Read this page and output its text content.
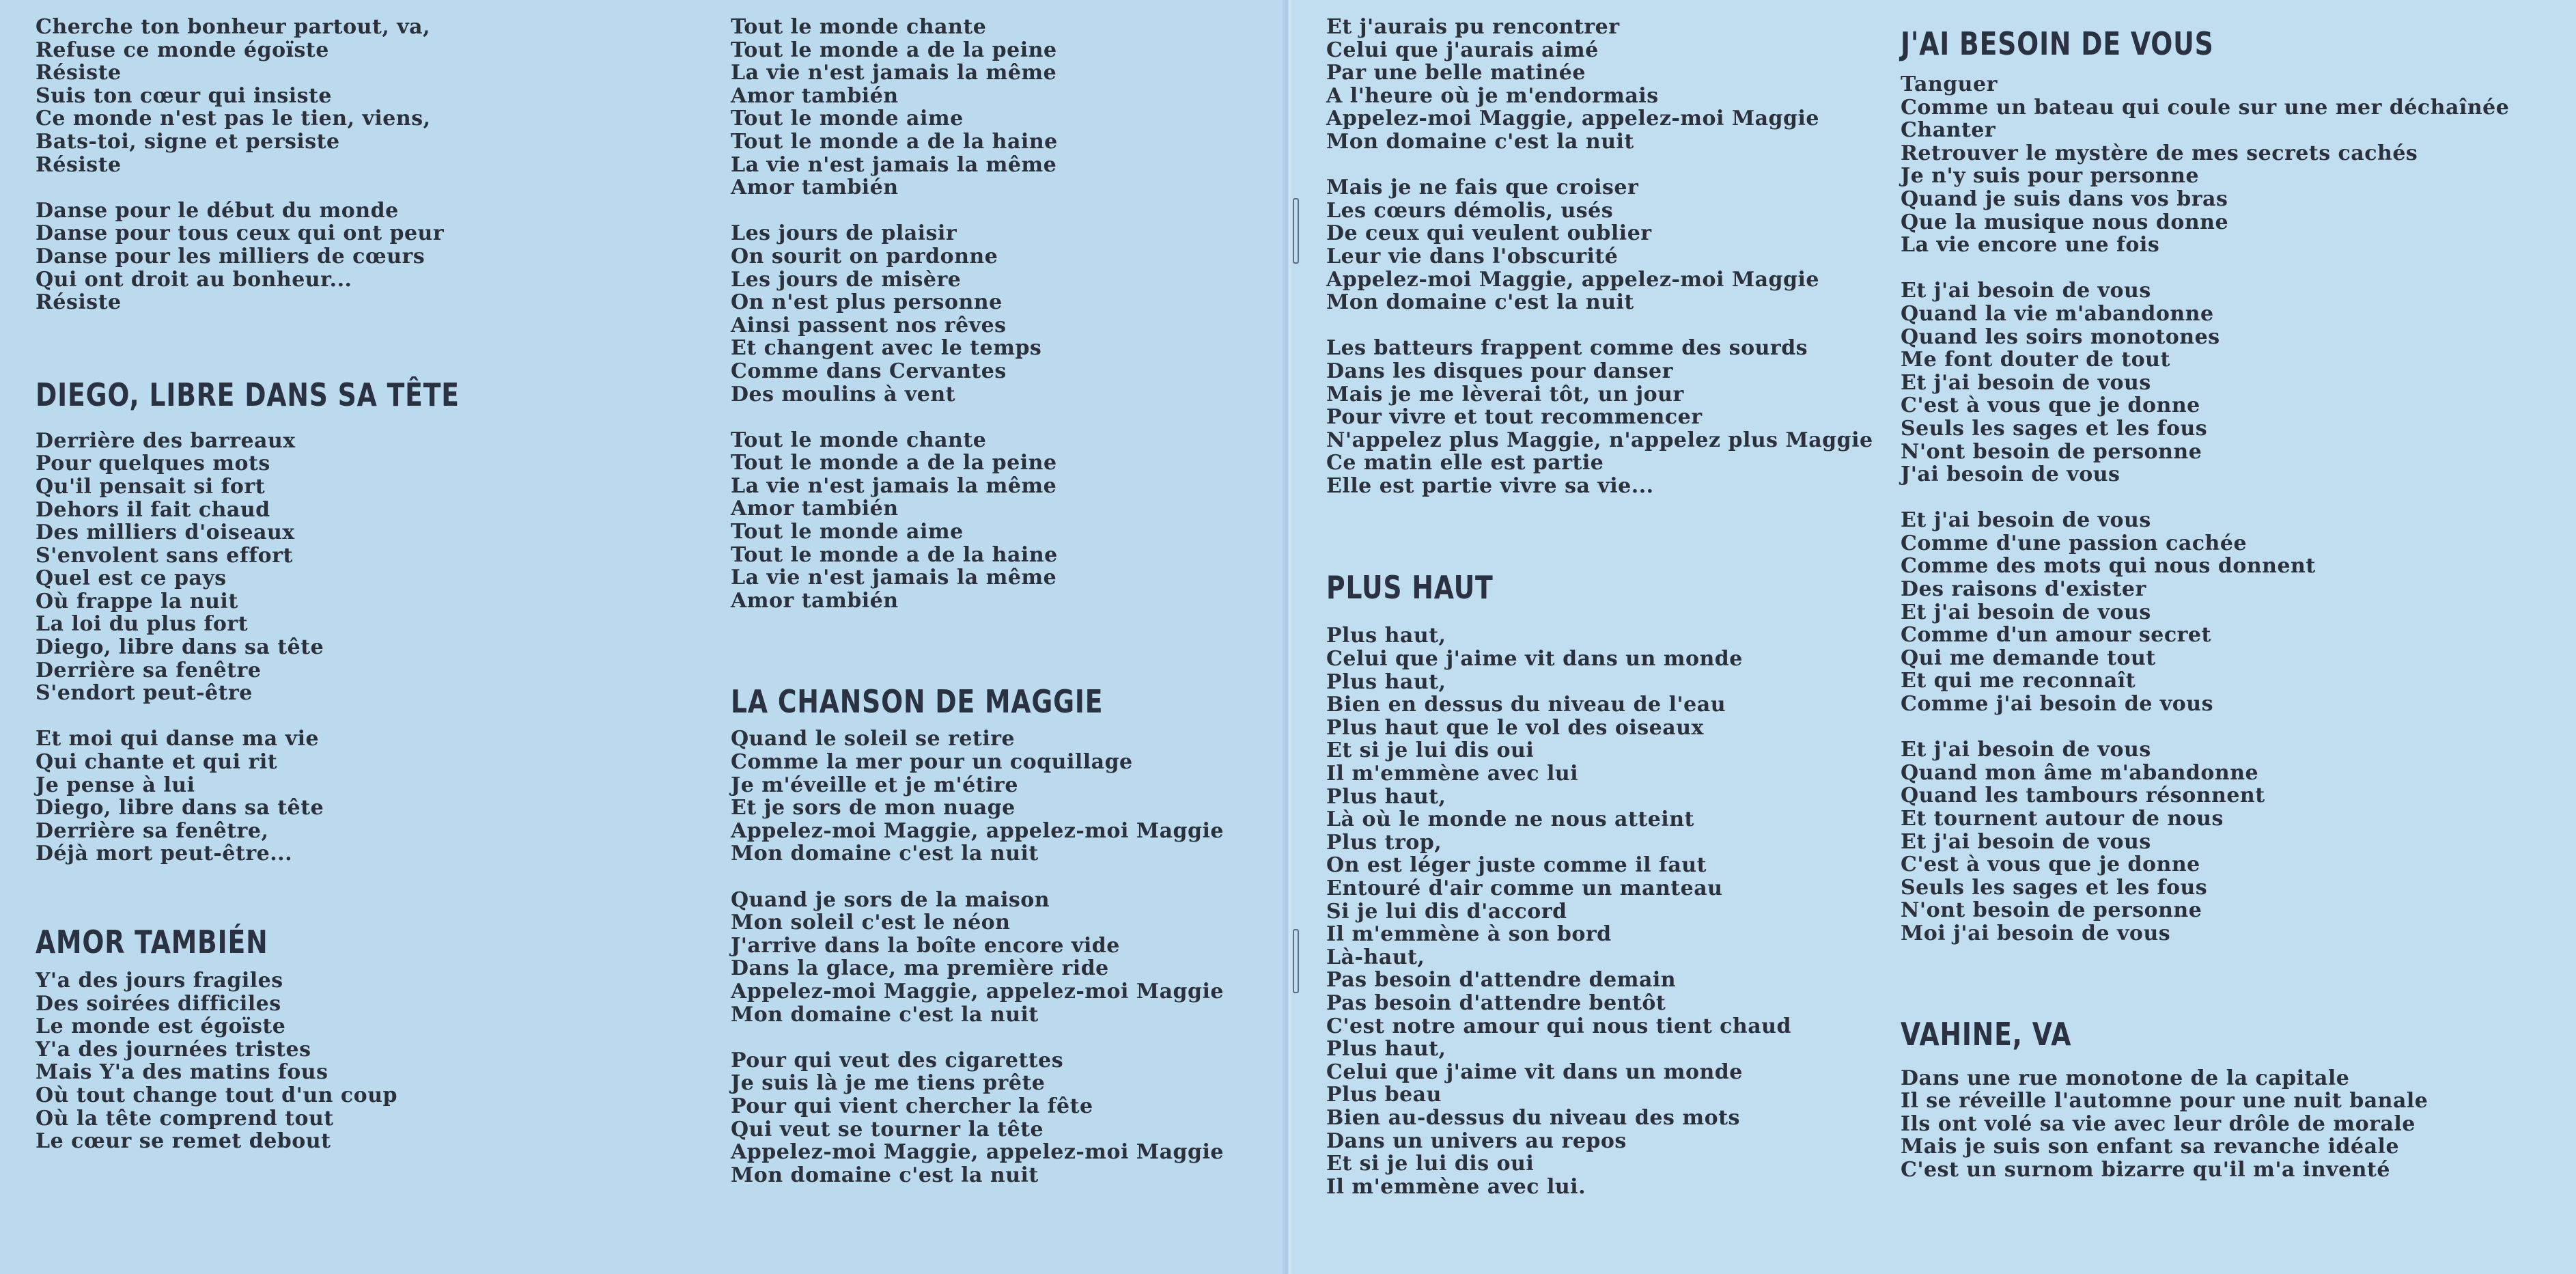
Cherche ton bonheur partout, va,
Refuse ce monde égoïste
Résiste
Suis ton cœur qui insiste
Ce monde n'est pas le tien, viens,
Bats-toi, signe et persiste
Résiste
Danse pour le début du monde
Danse pour tous ceux qui ont peur
Danse pour les milliers de cœurs
Qui ont droit au bonheur...
Résiste
DIEGO, LIBRE DANS SA TÊTE
Derrière des barreaux
Pour quelques mots
Qu'il pensait si fort
Dehors il fait chaud
Des milliers d'oiseaux
S'envolent sans effort
Quel est ce pays
Où frappe la nuit
La loi du plus fort
Diego, libre dans sa tête
Derrière sa fenêtre
S'endort peut-être
Et moi qui danse ma vie
Qui chante et qui rit
Je pense à lui
Diego, libre dans sa tête
Derrière sa fenêtre,
Déjà mort peut-être...
AMOR TAMBIÉN
Y'a des jours fragiles
Des soirées difficiles
Le monde est égoïste
Y'a des journées tristes
Mais Y'a des matins fous
Où tout change tout d'un coup
Où la tête comprend tout
Le cœur se remet debout
Tout le monde chante
Tout le monde a de la peine
La vie n'est jamais la même
Amor también
Tout le monde aime
Tout le monde a de la haine
La vie n'est jamais la même
Amor también
Les jours de plaisir
On sourit on pardonne
Les jours de misère
On n'est plus personne
Ainsi passent nos rêves
Et changent avec le temps
Comme dans Cervantes
Des moulins à vent
Tout le monde chante
Tout le monde a de la peine
La vie n'est jamais la même
Amor también
Tout le monde aime
Tout le monde a de la haine
La vie n'est jamais la même
Amor también
LA CHANSON DE MAGGIE
Quand le soleil se retire
Comme la mer pour un coquillage
Je m'éveille et je m'étire
Et je sors de mon nuage
Appelez-moi Maggie, appelez-moi Maggie
Mon domaine c'est la nuit
Quand je sors de la maison
Mon soleil c'est le néon
J'arrive dans la boîte encore vide
Dans la glace, ma première ride
Appelez-moi Maggie, appelez-moi Maggie
Mon domaine c'est la nuit
Pour qui veut des cigarettes
Je suis là je me tiens prête
Pour qui vient chercher la fête
Qui veut se tourner la tête
Appelez-moi Maggie, appelez-moi Maggie
Mon domaine c'est la nuit
Et j'aurais pu rencontrer
Celui que j'aurais aimé
Par une belle matinée
A l'heure où je m'endormais
Appelez-moi Maggie, appelez-moi Maggie
Mon domaine c'est la nuit
Mais je ne fais que croiser
Les cœurs démolis, usés
De ceux qui veulent oublier
Leur vie dans l'obscurité
Appelez-moi Maggie, appelez-moi Maggie
Mon domaine c'est la nuit
Les batteurs frappent comme des sourds
Dans les disques pour danser
Mais je me lèverai tôt, un jour
Pour vivre et tout recommencer
N'appelez plus Maggie, n'appelez plus Maggie
Ce matin elle est partie
Elle est partie vivre sa vie...
PLUS HAUT
Plus haut,
Celui que j'aime vit dans un monde
Plus haut,
Bien en dessus du niveau de l'eau
Plus haut que le vol des oiseaux
Et si je lui dis oui
Il m'emmène avec lui
Plus haut,
Là où le monde ne nous atteint
Plus trop,
On est léger juste comme il faut
Entouré d'air comme un manteau
Si je lui dis d'accord
Il m'emmène à son bord
Là-haut,
Pas besoin d'attendre demain
Pas besoin d'attendre bentôt
C'est notre amour qui nous tient chaud
Plus haut,
Celui que j'aime vit dans un monde
Plus beau
Bien au-dessus du niveau des mots
Dans un univers au repos
Et si je lui dis oui
Il m'emmène avec lui.
J'AI BESOIN DE VOUS
Tanguer
Comme un bateau qui coule sur une mer déchaînée
Chanter
Retrouver le mystère de mes secrets cachés
Je n'y suis pour personne
Quand je suis dans vos bras
Que la musique nous donne
La vie encore une fois
Et j'ai besoin de vous
Quand la vie m'abandonne
Quand les soirs monotones
Me font douter de tout
Et j'ai besoin de vous
C'est à vous que je donne
Seuls les sages et les fous
N'ont besoin de personne
J'ai besoin de vous
Et j'ai besoin de vous
Comme d'une passion cachée
Comme des mots qui nous donnent
Des raisons d'exister
Et j'ai besoin de vous
Comme d'un amour secret
Qui me demande tout
Et qui me reconnaît
Comme j'ai besoin de vous
Et j'ai besoin de vous
Quand mon âme m'abandonne
Quand les tambours résonnent
Et tournent autour de nous
Et j'ai besoin de vous
C'est à vous que je donne
Seuls les sages et les fous
N'ont besoin de personne
Moi j'ai besoin de vous
VAHINE, VA
Dans une rue monotone de la capitale
Il se réveille l'automne pour une nuit banale
Ils ont volé sa vie avec leur drôle de morale
Mais je suis son enfant sa revanche idéale
C'est un surnom bizarre qu'il m'a inventé
